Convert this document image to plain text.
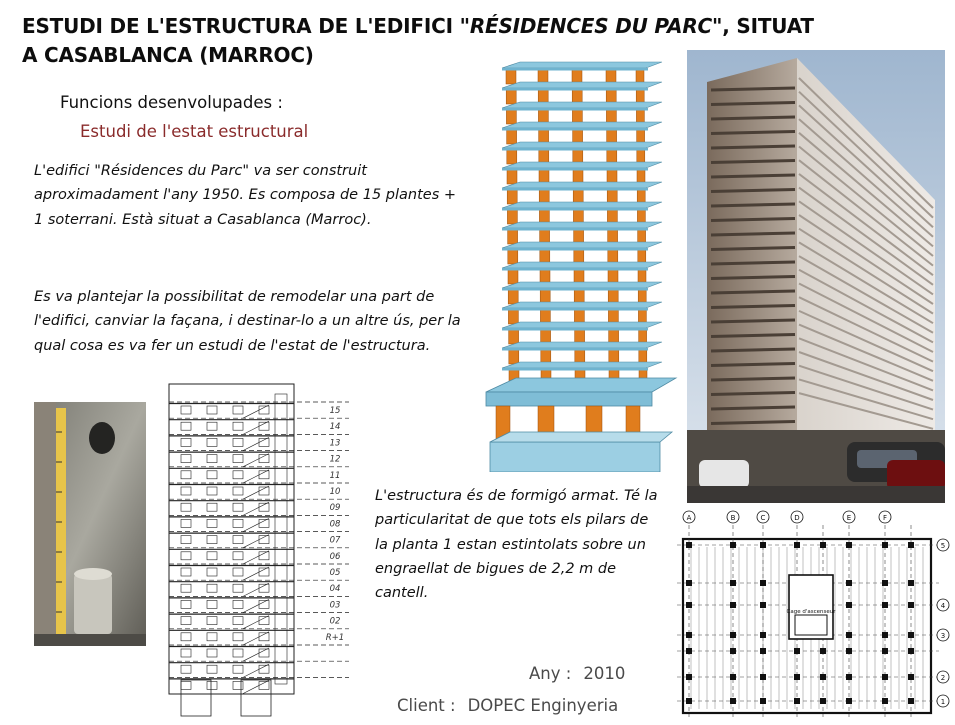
ESTUDI DE L'ESTRUCTURA DE L'EDIFICI "RÉSIDENCES DU PARC", SITUAT A CASABLANCA (MARROC)
Funcions desenvolupades :
Estudi de l'estat estructural
L'edifici "Résidences du Parc" va ser construit aproximadament l'any 1950. Es composa de 15 plantes + 1 soterrani. Està situat a Casablanca (Marroc).
Es va plantejar la possibilitat de remodelar una part de l'edifici, canviar la façana, i destinar-lo a un altre ús, per la qual cosa es va fer un estudi de l'estat de l'estructura.
L'estructura és de formigó armat. Té la particularitat de que tots els pilars de la planta 1 estan estintolats sobre un engraellat de bigues de 2,2 m de cantell.
15
14
13
12
11
10
09
08
07
06
05
04
03
02
R+1
Cage d'ascenseur
A	B	C	D	E	F
1
2
3
4
5
Any : 2010
Client : DOPEC Enginyeria
